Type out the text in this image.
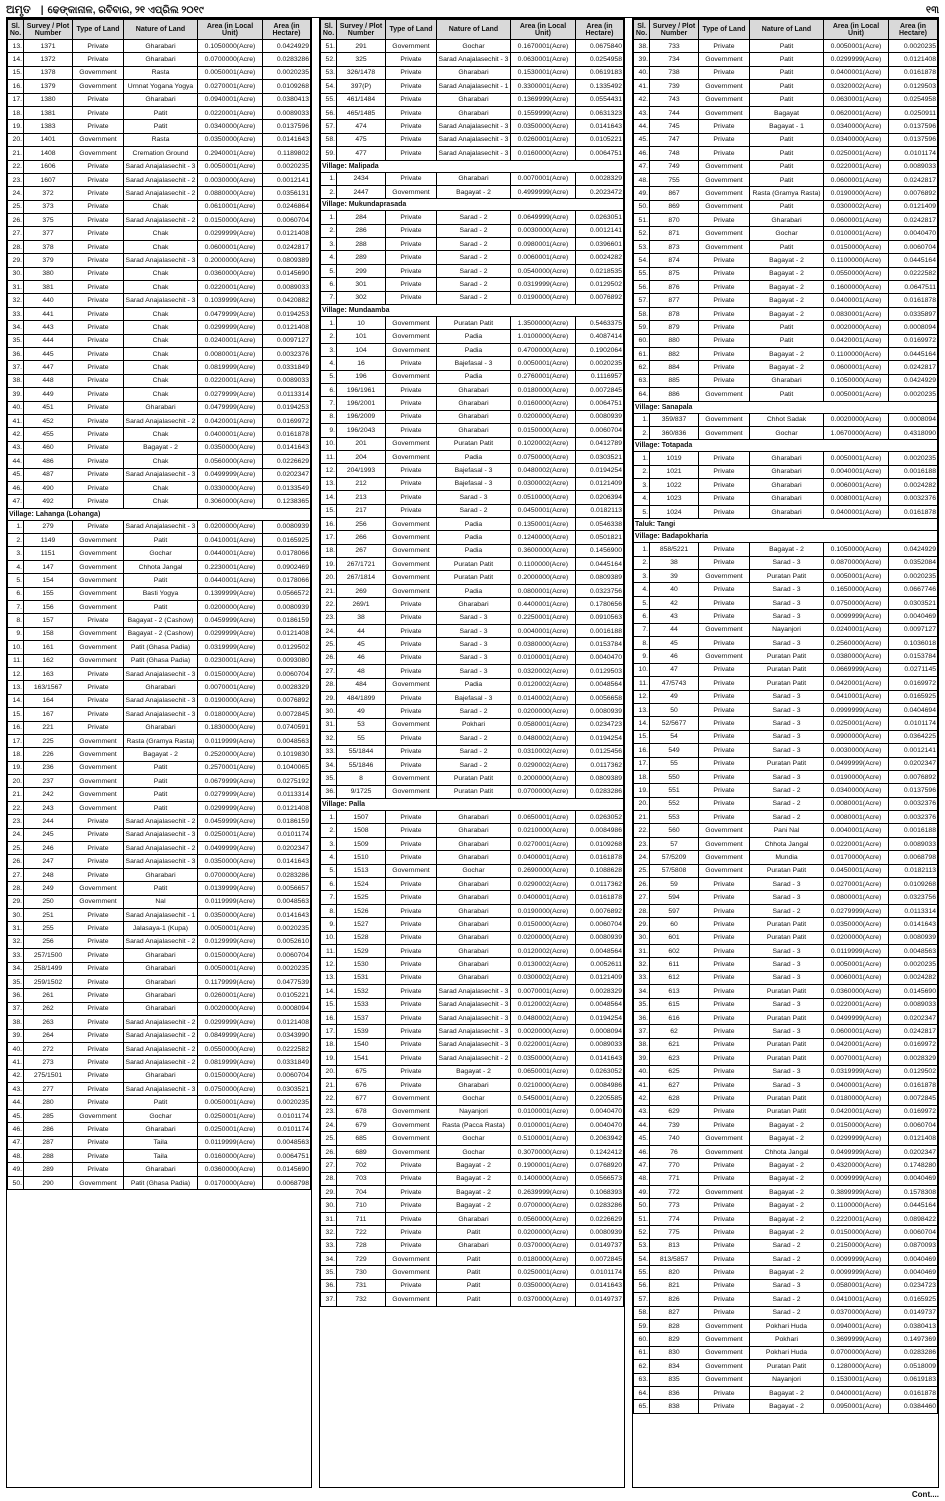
ଅମୃତ | ଢେଙ୍କାନାଳ, ରବିବାର, ୨୧ ଏପ୍ରିଲ ୨୦୧୯	୧୩
Sl. No.	Survey / Plot Number	Type of Land	Nature of Land	Area (in Local Unit)	Area (in Hectare)
13.	1371	Private	Gharabari	0.1050000(Acre)	0.0424929
14.	1372	Private	Gharabari	0.0700000(Acre)	0.0283286
15.	1378	Government	Rasta	0.0050001(Acre)	0.0020235
16.	1379	Government	Urnnat Yogana Yogya	0.0270001(Acre)	0.0109268
17.	1380	Private	Gharabari	0.0940001(Acre)	0.0380413
18.	1381	Private	Patit	0.0220001(Acre)	0.0089033
19.	1383	Private	Patit	0.0340000(Acre)	0.0137596
20.	1401	Government	Rasta	0.0350000(Acre)	0.0141643
21.	1408	Government	Cremation Ground	0.2940001(Acre)	0.1189802
22.	1606	Private	Sarad Anajalasechit - 3	0.0050001(Acre)	0.0020235
23.	1607	Private	Sarad Anajalasechit - 2	0.0030000(Acre)	0.0012141
24.	372	Private	Sarad Anajalasechit - 2	0.0880000(Acre)	0.0356131
25.	373	Private	Chak	0.0610001(Acre)	0.0246864
26.	375	Private	Sarad Anajalasechit - 2	0.0150000(Acre)	0.0060704
27.	377	Private	Chak	0.0299999(Acre)	0.0121408
28.	378	Private	Chak	0.0600001(Acre)	0.0242817
29.	379	Private	Sarad Anajalasechit - 3	0.2000000(Acre)	0.0809389
30.	380	Private	Chak	0.0360000(Acre)	0.0145690
31.	381	Private	Chak	0.0220001(Acre)	0.0089033
32.	440	Private	Sarad Anajalasechit - 3	0.1039999(Acre)	0.0420882
33.	441	Private	Chak	0.0479999(Acre)	0.0194253
34.	443	Private	Chak	0.0299999(Acre)	0.0121408
35.	444	Private	Chak	0.0240001(Acre)	0.0097127
36.	445	Private	Chak	0.0080001(Acre)	0.0032376
37.	447	Private	Chak	0.0819999(Acre)	0.0331849
38.	448	Private	Chak	0.0220001(Acre)	0.0089033
39.	449	Private	Chak	0.0279999(Acre)	0.0113314
40.	451	Private	Gharabari	0.0479999(Acre)	0.0194253
41.	452	Private	Sarad Anajalasechit - 2	0.0420001(Acre)	0.0169972
42.	455	Private	Chak	0.0400001(Acre)	0.0161878
43.	460	Private	Bagayat - 2	0.0350000(Acre)	0.0141643
44.	486	Private	Chak	0.0560000(Acre)	0.0226629
45.	487	Private	Sarad Anajalasechit - 3	0.0499999(Acre)	0.0202347
46.	490	Private	Chak	0.0330000(Acre)	0.0133549
47.	492	Private	Chak	0.3060000(Acre)	0.1238365
Village: Lahanga (Lohanga)					
1.	279	Private	Sarad Anajalasechit - 3	0.0200000(Acre)	0.0080939
2.	1149	Government	Patit	0.0410001(Acre)	0.0165925
3.	1151	Government	Gochar	0.0440001(Acre)	0.0178066
4.	147	Government	Chhota Jangal	0.2230001(Acre)	0.0902469
5.	154	Government	Patit	0.0440001(Acre)	0.0178066
6.	155	Government	Basti Yogya	0.1399999(Acre)	0.0566572
7.	156	Government	Patit	0.0200000(Acre)	0.0080939
8.	157	Private	Bagayat - 2 (Cashow)	0.0459999(Acre)	0.0186159
9.	158	Government	Bagayat - 2 (Cashow)	0.0299999(Acre)	0.0121408
10.	161	Government	Patit (Ghasa Padia)	0.0319999(Acre)	0.0129502
11.	162	Government	Patit (Ghasa Padia)	0.0230001(Acre)	0.0093080
12.	163	Private	Sarad Anajalasechit - 3	0.0150000(Acre)	0.0060704
13.	163/1567	Private	Gharabari	0.0070001(Acre)	0.0028329
14.	164	Private	Sarad Anajalasechit - 3	0.0190000(Acre)	0.0076892
15.	167	Private	Sarad Anajalasechit - 3	0.0180000(Acre)	0.0072845
16.	221	Private	Gharabari	0.1830000(Acre)	0.0740591
17.	225	Government	Rasta (Gramya Rasta)	0.0119999(Acre)	0.0048563
18.	226	Government	Bagayat - 2	0.2520000(Acre)	0.1019830
19.	236	Government	Patit	0.2570001(Acre)	0.1040065
20.	237	Government	Patit	0.0679999(Acre)	0.0275192
21.	242	Government	Patit	0.0279999(Acre)	0.0113314
22.	243	Government	Patit	0.0299999(Acre)	0.0121408
23.	244	Private	Sarad Anajalasechit - 2	0.0459999(Acre)	0.0186159
24.	245	Private	Sarad Anajalasechit - 3	0.0250001(Acre)	0.0101174
25.	246	Private	Sarad Anajalasechit - 2	0.0499999(Acre)	0.0202347
26.	247	Private	Sarad Anajalasechit - 3	0.0350000(Acre)	0.0141643
27.	248	Private	Gharabari	0.0700000(Acre)	0.0283286
28.	249	Government	Patit	0.0139999(Acre)	0.0056657
29.	250	Government	Nal	0.0119999(Acre)	0.0048563
30.	251	Private	Sarad Anajalasechit - 1	0.0350000(Acre)	0.0141643
31.	255	Private	Jalasaya-1 (Kupa)	0.0050001(Acre)	0.0020235
32.	256	Private	Sarad Anajalasechit - 2	0.0129999(Acre)	0.0052610
33.	257/1500	Private	Gharabari	0.0150000(Acre)	0.0060704
34.	258/1499	Private	Gharabari	0.0050001(Acre)	0.0020235
35.	259/1502	Private	Gharabari	0.1179999(Acre)	0.0477539
36.	261	Private	Gharabari	0.0260001(Acre)	0.0105221
37.	262	Private	Gharabari	0.0020000(Acre)	0.0008094
38.	263	Private	Sarad Anajalasechit - 2	0.0299999(Acre)	0.0121408
39.	264	Private	Sarad Anajalasechit - 2	0.0849999(Acre)	0.0343990
40.	272	Private	Sarad Anajalasechit - 2	0.0550000(Acre)	0.0222582
41.	273	Private	Sarad Anajalasechit - 2	0.0819999(Acre)	0.0331849
42.	275/1501	Private	Gharabari	0.0150000(Acre)	0.0060704
43.	277	Private	Sarad Anajalasechit - 3	0.0750000(Acre)	0.0303521
44.	280	Private	Patit	0.0050001(Acre)	0.0020235
45.	285	Government	Gochar	0.0250001(Acre)	0.0101174
46.	286	Private	Gharabari	0.0250001(Acre)	0.0101174
47.	287	Private	Taila	0.0119999(Acre)	0.0048563
48.	288	Private	Taila	0.0160000(Acre)	0.0064751
49.	289	Private	Gharabari	0.0360000(Acre)	0.0145690
50.	290	Government	Patit (Ghasa Padia)	0.0170000(Acre)	0.0068798
Sl. No.	Survey / Plot Number	Type of Land	Nature of Land	Area (in Local Unit)	Area (in Hectare)
51.	291	Government	Gochar	0.1670001(Acre)	0.0675840
52.	325	Private	Sarad Anajalasechit - 3	0.0630001(Acre)	0.0254958
53.	326/1478	Private	Gharabari	0.1530001(Acre)	0.0619183
54.	397(P)	Private	Sarad Anajalasechit - 1	0.3300001(Acre)	0.1335492
55.	461/1484	Private	Gharabari	0.1369999(Acre)	0.0554431
56.	465/1485	Private	Gharabari	0.1559999(Acre)	0.0631323
57.	474	Private	Sarad Anajalasechit - 3	0.0350000(Acre)	0.0141643
58.	475	Private	Sarad Anajalasechit - 3	0.0260001(Acre)	0.0105221
59.	477	Private	Sarad Anajalasechit - 3	0.0160000(Acre)	0.0064751
Village: Malipada					
1.	2434	Private	Gharabari	0.0070001(Acre)	0.0028329
2.	2447	Government	Bagayat - 2	0.4999999(Acre)	0.2023472
Village: Mukundaprasada					
1.	284	Private	Sarad - 2	0.0649999(Acre)	0.0263051
2.	286	Private	Sarad - 2	0.0030000(Acre)	0.0012141
3.	288	Private	Sarad - 2	0.0980001(Acre)	0.0396601
4.	289	Private	Sarad - 2	0.0060001(Acre)	0.0024282
5.	299	Private	Sarad - 2	0.0540000(Acre)	0.0218535
6.	301	Private	Sarad - 2	0.0319999(Acre)	0.0129502
7.	302	Private	Sarad - 2	0.0190000(Acre)	0.0076892
Village: Mundaamba					
1.	10	Government	Puratan Patit	1.3500000(Acre)	0.5463375
2.	101	Government	Padia	1.0100000(Acre)	0.4087414
3.	104	Government	Padia	0.4700000(Acre)	0.1902064
4.	16	Private	Bajefasal - 3	0.0050001(Acre)	0.0020235
5.	196	Government	Padia	0.2760001(Acre)	0.1116957
6.	196/1961	Private	Gharabari	0.0180000(Acre)	0.0072845
7.	196/2001	Private	Gharabari	0.0160000(Acre)	0.0064751
8.	196/2009	Private	Gharabari	0.0200000(Acre)	0.0080939
9.	196/2043	Private	Gharabari	0.0150000(Acre)	0.0060704
10.	201	Government	Puratan Patit	0.1020002(Acre)	0.0412789
11.	204	Government	Padia	0.0750000(Acre)	0.0303521
12.	204/1993	Private	Bajefasal - 3	0.0480002(Acre)	0.0194254
13.	212	Private	Bajefasal - 3	0.0300002(Acre)	0.0121409
14.	213	Private	Sarad - 3	0.0510000(Acre)	0.0206394
15.	217	Private	Sarad - 2	0.0450001(Acre)	0.0182113
16.	256	Government	Padia	0.1350001(Acre)	0.0546338
17.	266	Government	Padia	0.1240000(Acre)	0.0501821
18.	267	Government	Padia	0.3600000(Acre)	0.1456900
19.	267/1721	Government	Puratan Patit	0.1100000(Acre)	0.0445164
20.	267/1814	Government	Puratan Patit	0.2000000(Acre)	0.0809389
21.	269	Government	Padia	0.0800001(Acre)	0.0323756
22.	269/1	Private	Gharabari	0.4400001(Acre)	0.1780656
23.	38	Private	Sarad - 3	0.2250001(Acre)	0.0910563
24.	44	Private	Sarad - 3	0.0040001(Acre)	0.0016188
25.	45	Private	Sarad - 3	0.0380000(Acre)	0.0153784
26.	46	Private	Sarad - 3	0.0100001(Acre)	0.0040470
27.	48	Private	Sarad - 3	0.0320002(Acre)	0.0129503
28.	484	Government	Padia	0.0120002(Acre)	0.0048564
29.	484/1899	Private	Bajefasal - 3	0.0140002(Acre)	0.0056658
30.	49	Private	Sarad - 2	0.0200000(Acre)	0.0080939
31.	53	Government	Pokhari	0.0580001(Acre)	0.0234723
32.	55	Private	Sarad - 2	0.0480002(Acre)	0.0194254
33.	55/1844	Private	Sarad - 2	0.0310002(Acre)	0.0125456
34.	55/1846	Private	Sarad - 2	0.0290002(Acre)	0.0117362
35.	8	Government	Puratan Patit	0.2000000(Acre)	0.0809389
36.	9/1725	Government	Puratan Patit	0.0700000(Acre)	0.0283286
Village: Palla					
1.	1507	Private	Gharabari	0.0650001(Acre)	0.0263052
2.	1508	Private	Gharabari	0.0210000(Acre)	0.0084986
3.	1509	Private	Gharabari	0.0270001(Acre)	0.0109268
4.	1510	Private	Gharabari	0.0400001(Acre)	0.0161878
5.	1513	Government	Gochar	0.2690000(Acre)	0.1088628
6.	1524	Private	Gharabari	0.0290002(Acre)	0.0117362
7.	1525	Private	Gharabari	0.0400001(Acre)	0.0161878
8.	1526	Private	Gharabari	0.0190000(Acre)	0.0076892
9.	1527	Private	Gharabari	0.0150000(Acre)	0.0060704
10.	1528	Private	Gharabari	0.0200000(Acre)	0.0080939
11.	1529	Private	Gharabari	0.0120002(Acre)	0.0048564
12.	1530	Private	Gharabari	0.0130002(Acre)	0.0052611
13.	1531	Private	Gharabari	0.0300002(Acre)	0.0121409
14.	1532	Private	Sarad Anajalasechit - 3	0.0070001(Acre)	0.0028329
15.	1533	Private	Sarad Anajalasechit - 3	0.0120002(Acre)	0.0048564
16.	1537	Private	Sarad Anajalasechit - 3	0.0480002(Acre)	0.0194254
17.	1539	Private	Sarad Anajalasechit - 3	0.0020000(Acre)	0.0008094
18.	1540	Private	Sarad Anajalasechit - 3	0.0220001(Acre)	0.0089033
19.	1541	Private	Sarad Anajalasechit - 2	0.0350000(Acre)	0.0141643
20.	675	Private	Bagayat - 2	0.0650001(Acre)	0.0263052
21.	676	Private	Gharabari	0.0210000(Acre)	0.0084986
22.	677	Government	Gochar	0.5450001(Acre)	0.2205585
23.	678	Government	Nayanjori	0.0100001(Acre)	0.0040470
24.	679	Government	Rasta (Pacca Rasta)	0.0100001(Acre)	0.0040470
25.	685	Government	Gochar	0.5100001(Acre)	0.2063942
26.	689	Government	Gochar	0.3070000(Acre)	0.1242412
27.	702	Private	Bagayat - 2	0.1900001(Acre)	0.0768920
28.	703	Private	Bagayat - 2	0.1400000(Acre)	0.0566573
29.	704	Private	Bagayat - 2	0.2639999(Acre)	0.1068393
30.	710	Private	Bagayat - 2	0.0700000(Acre)	0.0283286
31.	711	Private	Gharabari	0.0560000(Acre)	0.0226629
32.	722	Private	Patit	0.0200000(Acre)	0.0080939
33.	728	Private	Gharabari	0.0370000(Acre)	0.0149737
34.	729	Government	Patit	0.0180000(Acre)	0.0072845
35.	730	Government	Patit	0.0250001(Acre)	0.0101174
36.	731	Private	Patit	0.0350000(Acre)	0.0141643
37.	732	Government	Patit	0.0370000(Acre)	0.0149737
Sl. No.	Survey / Plot Number	Type of Land	Nature of Land	Area (in Local Unit)	Area (in Hectare)
38.	733	Private	Patit	0.0050001(Acre)	0.0020235
39.	734	Government	Patit	0.0299999(Acre)	0.0121408
40.	738	Private	Patit	0.0400001(Acre)	0.0161878
41.	739	Government	Patit	0.0320002(Acre)	0.0129503
42.	743	Government	Patit	0.0630001(Acre)	0.0254958
43.	744	Government	Bagayat	0.0620001(Acre)	0.0250911
44.	745	Private	Bagayat - 1	0.0340000(Acre)	0.0137596
45.	747	Private	Patit	0.0340000(Acre)	0.0137596
46.	748	Private	Patit	0.0250001(Acre)	0.0101174
47.	749	Government	Patit	0.0220001(Acre)	0.0089033
48.	755	Government	Patit	0.0600001(Acre)	0.0242817
49.	867	Government	Rasta (Gramya Rasta)	0.0190000(Acre)	0.0076892
50.	869	Government	Patit	0.0300002(Acre)	0.0121409
51.	870	Private	Gharabari	0.0600001(Acre)	0.0242817
52.	871	Government	Gochar	0.0100001(Acre)	0.0040470
53.	873	Government	Patit	0.0150000(Acre)	0.0060704
54.	874	Private	Bagayat - 2	0.1100000(Acre)	0.0445164
55.	875	Private	Bagayat - 2	0.0550000(Acre)	0.0222582
56.	876	Private	Bagayat - 2	0.1600000(Acre)	0.0647511
57.	877	Private	Bagayat - 2	0.0400001(Acre)	0.0161878
58.	878	Private	Bagayat - 2	0.0830001(Acre)	0.0335897
59.	879	Private	Patit	0.0020000(Acre)	0.0008094
60.	880	Private	Patit	0.0420001(Acre)	0.0169972
61.	882	Private	Bagayat - 2	0.1100000(Acre)	0.0445164
62.	884	Private	Bagayat - 2	0.0600001(Acre)	0.0242817
63.	885	Private	Gharabari	0.1050000(Acre)	0.0424929
64.	886	Government	Patit	0.0050001(Acre)	0.0020235
Village: Sanapala					
1.	359/837	Government	Chhot Sadak	0.0020000(Acre)	0.0008094
2.	360/836	Government	Gochar	1.0670000(Acre)	0.4318090
Village: Totapada					
1.	1019	Private	Gharabari	0.0050001(Acre)	0.0020235
2.	1021	Private	Gharabari	0.0040001(Acre)	0.0016188
3.	1022	Private	Gharabari	0.0060001(Acre)	0.0024282
4.	1023	Private	Gharabari	0.0080001(Acre)	0.0032376
5.	1024	Private	Gharabari	0.0400001(Acre)	0.0161878
Taluk: Tangi					
Village: Badapokharia					
1.	858/5221	Private	Bagayat - 2	0.1050000(Acre)	0.0424929
2.	38	Private	Sarad - 3	0.0870000(Acre)	0.0352084
3.	39	Government	Puratan Patit	0.0050001(Acre)	0.0020235
4.	40	Private	Sarad - 3	0.1650000(Acre)	0.0667746
5.	42	Private	Sarad - 3	0.0750000(Acre)	0.0303521
6.	43	Private	Sarad - 3	0.0099999(Acre)	0.0040469
7.	44	Government	Nayanjori	0.0240001(Acre)	0.0097127
8.	45	Private	Sarad - 3	0.2560000(Acre)	0.1036018
9.	46	Government	Puratan Patit	0.0380000(Acre)	0.0153784
10.	47	Private	Puratan Patit	0.0669999(Acre)	0.0271145
11.	47/5743	Private	Puratan Patit	0.0420001(Acre)	0.0169972
12.	49	Private	Sarad - 3	0.0410001(Acre)	0.0165925
13.	50	Private	Sarad - 3	0.0999999(Acre)	0.0404694
14.	52/5677	Private	Sarad - 3	0.0250001(Acre)	0.0101174
15.	54	Private	Sarad - 3	0.0900000(Acre)	0.0364225
16.	549	Private	Sarad - 3	0.0030000(Acre)	0.0012141
17.	55	Private	Puratan Patit	0.0499999(Acre)	0.0202347
18.	550	Private	Sarad - 3	0.0190000(Acre)	0.0076892
19.	551	Private	Sarad - 2	0.0340000(Acre)	0.0137596
20.	552	Private	Sarad - 2	0.0080001(Acre)	0.0032376
21.	553	Private	Sarad - 2	0.0080001(Acre)	0.0032376
22.	560	Government	Pani Nal	0.0040001(Acre)	0.0016188
23.	57	Government	Chhota Jangal	0.0220001(Acre)	0.0089033
24.	57/5209	Government	Mundia	0.0170000(Acre)	0.0068798
25.	57/5808	Government	Puratan Patit	0.0450001(Acre)	0.0182113
26.	59	Private	Sarad - 3	0.0270001(Acre)	0.0109268
27.	594	Private	Sarad - 3	0.0800001(Acre)	0.0323756
28.	597	Private	Sarad - 2	0.0279999(Acre)	0.0113314
29.	60	Private	Puratan Patit	0.0350000(Acre)	0.0141643
30.	601	Private	Puratan Patit	0.0200000(Acre)	0.0080939
31.	602	Private	Sarad - 3	0.0119999(Acre)	0.0048563
32.	611	Private	Sarad - 3	0.0050001(Acre)	0.0020235
33.	612	Private	Sarad - 3	0.0060001(Acre)	0.0024282
34.	613	Private	Puratan Patit	0.0360000(Acre)	0.0145690
35.	615	Private	Sarad - 3	0.0220001(Acre)	0.0089033
36.	616	Private	Puratan Patit	0.0499999(Acre)	0.0202347
37.	62	Private	Sarad - 3	0.0600001(Acre)	0.0242817
38.	621	Private	Puratan Patit	0.0420001(Acre)	0.0169972
39.	623	Private	Puratan Patit	0.0070001(Acre)	0.0028329
40.	625	Private	Sarad - 3	0.0319999(Acre)	0.0129502
41.	627	Private	Sarad - 3	0.0400001(Acre)	0.0161878
42.	628	Private	Puratan Patit	0.0180000(Acre)	0.0072845
43.	629	Private	Puratan Patit	0.0420001(Acre)	0.0169972
44.	739	Private	Bagayat - 2	0.0150000(Acre)	0.0060704
45.	740	Government	Bagayat - 2	0.0299999(Acre)	0.0121408
46.	76	Government	Chhota Jangal	0.0499999(Acre)	0.0202347
47.	770	Private	Bagayat - 2	0.4320000(Acre)	0.1748280
48.	771	Private	Bagayat - 2	0.0099999(Acre)	0.0040469
49.	772	Government	Bagayat - 2	0.3899999(Acre)	0.1578308
50.	773	Private	Bagayat - 2	0.1100000(Acre)	0.0445164
51.	774	Private	Bagayat - 2	0.2220001(Acre)	0.0898422
52.	775	Private	Bagayat - 2	0.0150000(Acre)	0.0060704
53.	813	Private	Sarad - 2	0.2150000(Acre)	0.0870093
54.	813/5857	Private	Sarad - 2	0.0099999(Acre)	0.0040469
55.	820	Private	Bagayat - 2	0.0099999(Acre)	0.0040469
56.	821	Private	Sarad - 3	0.0580001(Acre)	0.0234723
57.	826	Private	Sarad - 2	0.0410001(Acre)	0.0165925
58.	827	Private	Sarad - 2	0.0370000(Acre)	0.0149737
59.	828	Government	Pokhari Huda	0.0940001(Acre)	0.0380413
60.	829	Government	Pokhari	0.3699999(Acre)	0.1497369
61.	830	Government	Pokhari Huda	0.0700000(Acre)	0.0283286
62.	834	Government	Puratan Patit	0.1280000(Acre)	0.0518009
63.	835	Government	Nayanjori	0.1530001(Acre)	0.0619183
64.	836	Private	Bagayat - 2	0.0400001(Acre)	0.0161878
65.	838	Private	Bagayat - 2	0.0950001(Acre)	0.0384460
Cont....
